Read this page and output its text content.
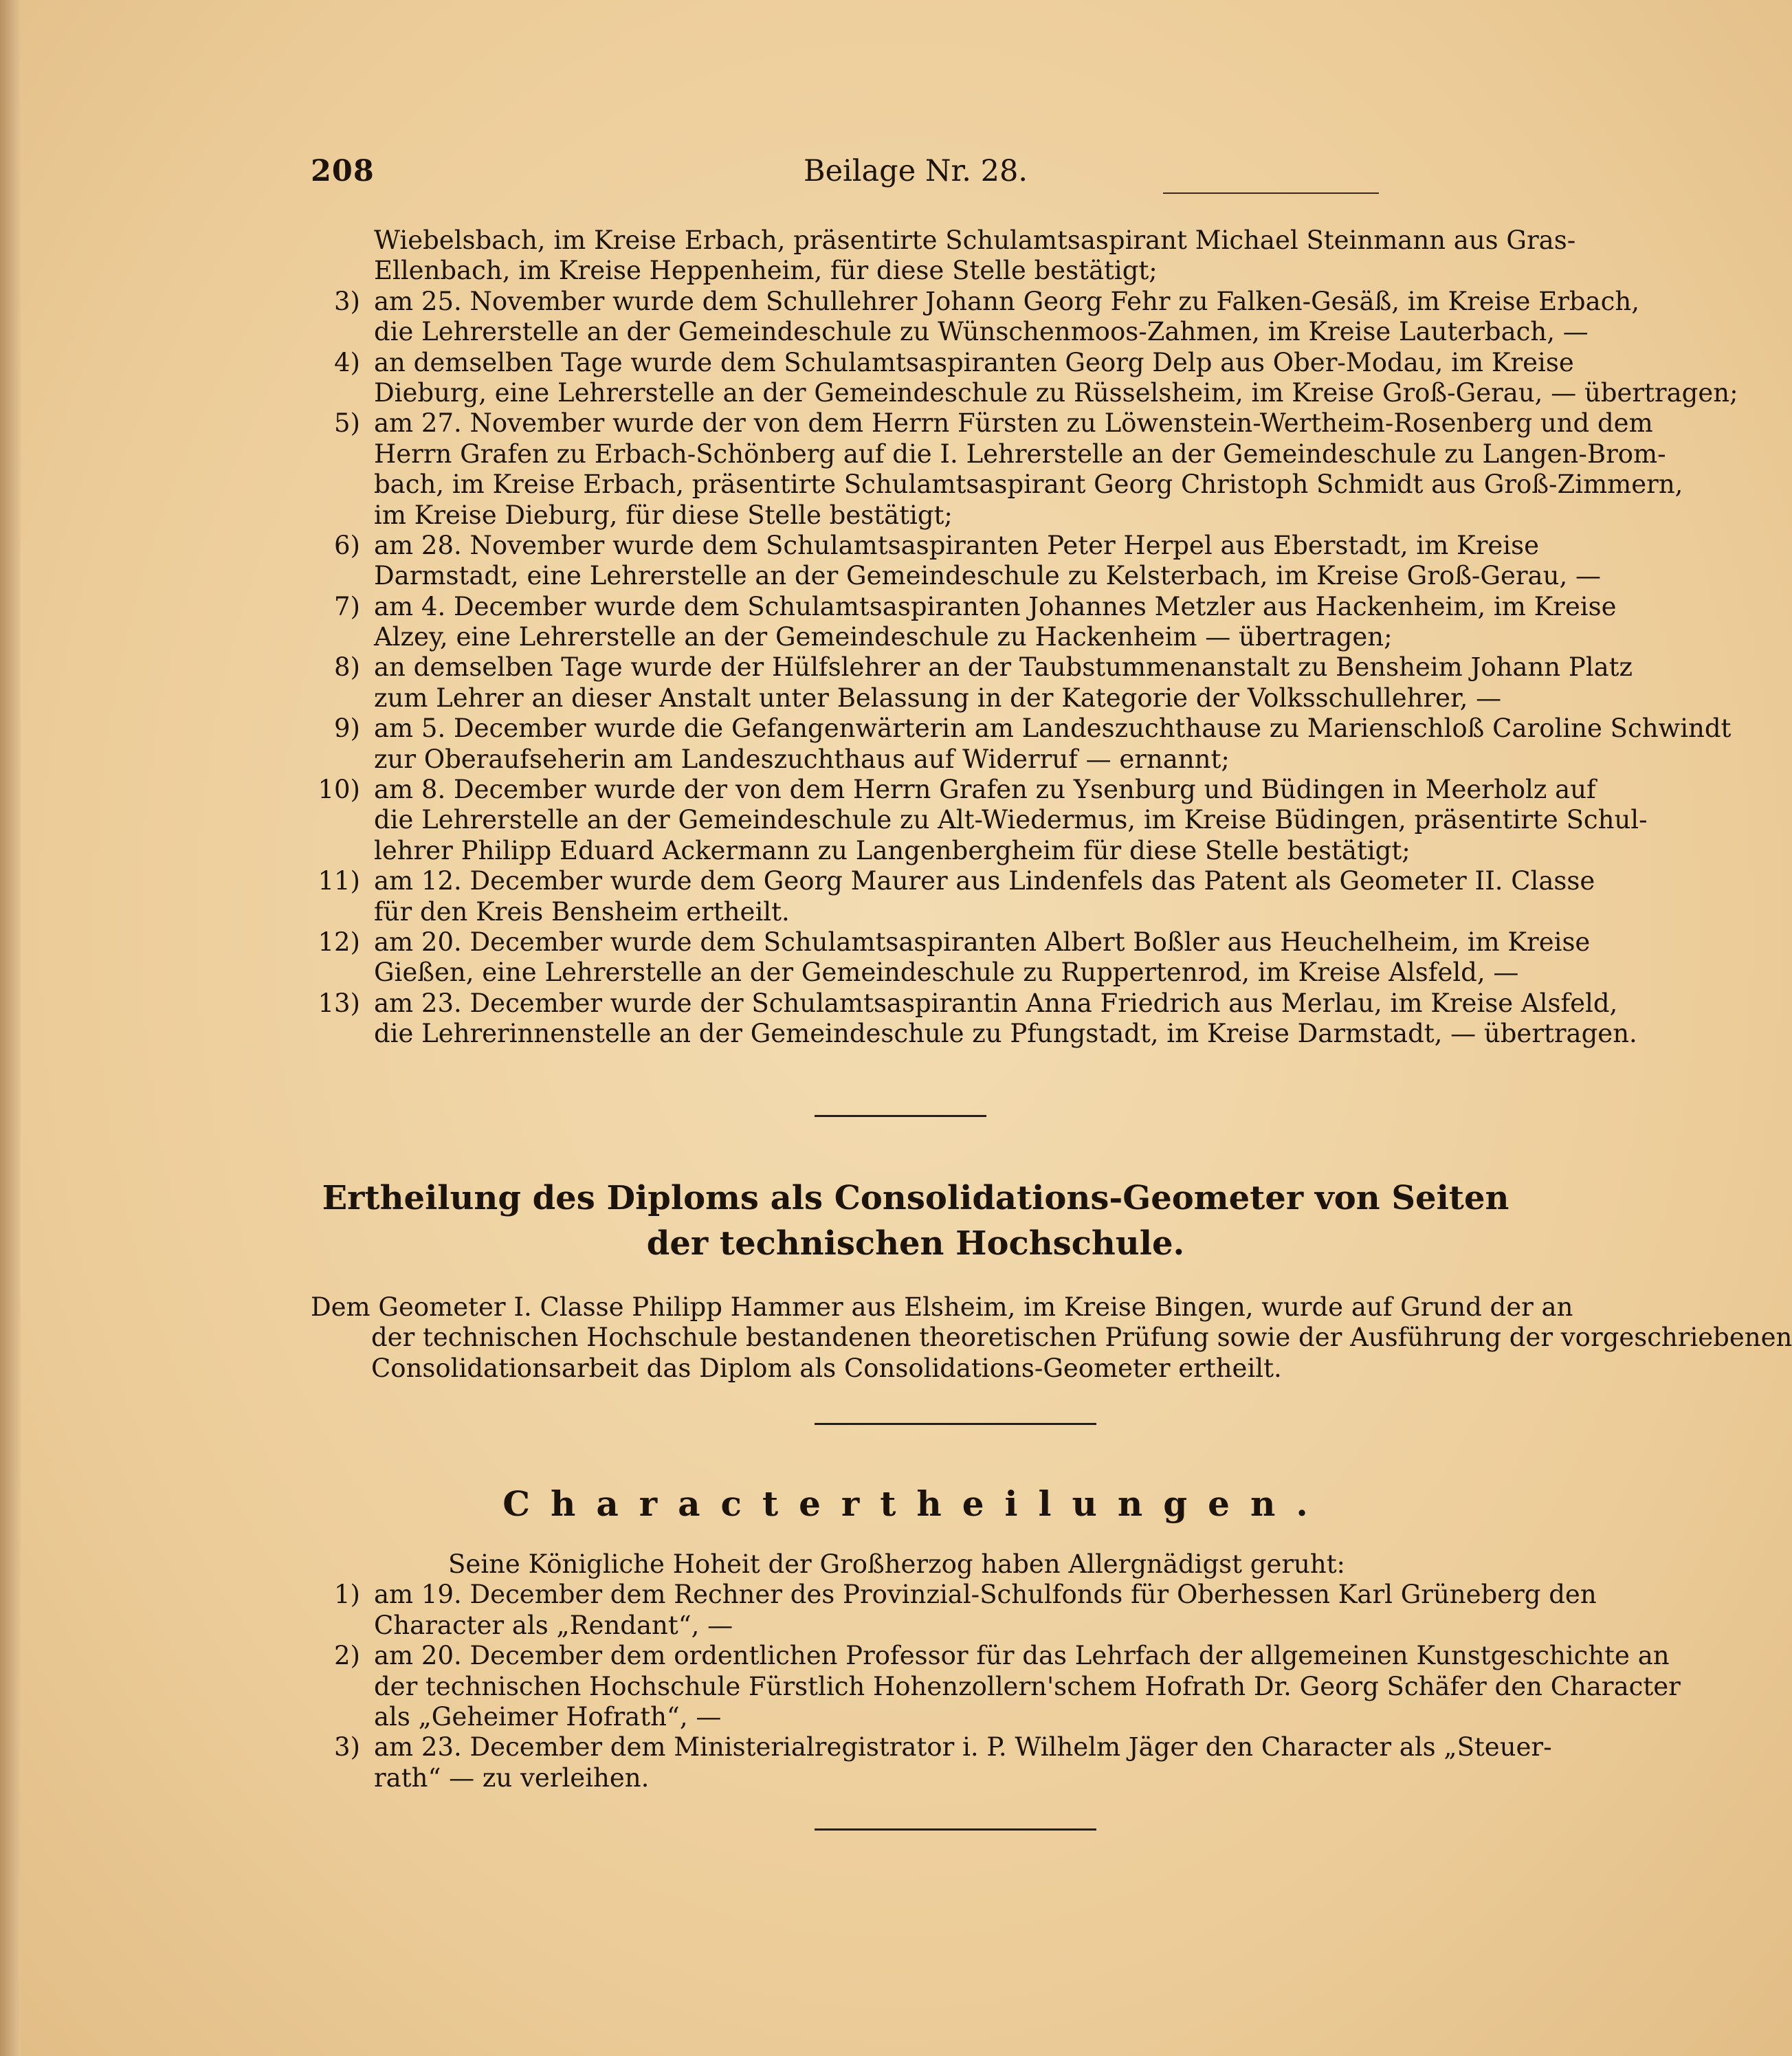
208	Beilage Nr. 28.
Wiebelsbach, im Kreise Erbach, präsentirte Schulamtsaspirant Michael Steinmann aus Gras-
Ellenbach, im Kreise Heppenheim, für diese Stelle bestätigt;
3) am 25. November wurde dem Schullehrer Johann Georg Fehr zu Falken-Gesäß, im Kreise Erbach,
die Lehrerstelle an der Gemeindeschule zu Wünschenmoos-Zahmen, im Kreise Lauterbach, —
4) an demselben Tage wurde dem Schulamtsaspiranten Georg Delp aus Ober-Modau, im Kreise
Dieburg, eine Lehrerstelle an der Gemeindeschule zu Rüsselsheim, im Kreise Groß-Gerau, — übertragen;
5) am 27. November wurde der von dem Herrn Fürsten zu Löwenstein-Wertheim-Rosenberg und dem
Herrn Grafen zu Erbach-Schönberg auf die I. Lehrerstelle an der Gemeindeschule zu Langen-Brom-
bach, im Kreise Erbach, präsentirte Schulamtsaspirant Georg Christoph Schmidt aus Groß-Zimmern,
im Kreise Dieburg, für diese Stelle bestätigt;
6) am 28. November wurde dem Schulamtsaspiranten Peter Herpel aus Eberstadt, im Kreise
Darmstadt, eine Lehrerstelle an der Gemeindeschule zu Kelsterbach, im Kreise Groß-Gerau, —
7) am 4. December wurde dem Schulamtsaspiranten Johannes Metzler aus Hackenheim, im Kreise
Alzey, eine Lehrerstelle an der Gemeindeschule zu Hackenheim — übertragen;
8) an demselben Tage wurde der Hülfslehrer an der Taubstummenanstalt zu Bensheim Johann Platz
zum Lehrer an dieser Anstalt unter Belassung in der Kategorie der Volksschullehrer, —
9) am 5. December wurde die Gefangenwärterin am Landeszuchthause zu Marienschloß Caroline Schwindt
zur Oberaufseherin am Landeszuchthaus auf Widerruf — ernannt;
10) am 8. December wurde der von dem Herrn Grafen zu Ysenburg und Büdingen in Meerholz auf
die Lehrerstelle an der Gemeindeschule zu Alt-Wiedermus, im Kreise Büdingen, präsentirte Schul-
lehrer Philipp Eduard Ackermann zu Langenbergheim für diese Stelle bestätigt;
11) am 12. December wurde dem Georg Maurer aus Lindenfels das Patent als Geometer II. Classe
für den Kreis Bensheim ertheilt.
12) am 20. December wurde dem Schulamtsaspiranten Albert Boßler aus Heuchelheim, im Kreise
Gießen, eine Lehrerstelle an der Gemeindeschule zu Ruppertenrod, im Kreise Alsfeld, —
13) am 23. December wurde der Schulamtsaspirantin Anna Friedrich aus Merlau, im Kreise Alsfeld,
die Lehrerinnenstelle an der Gemeindeschule zu Pfungstadt, im Kreise Darmstadt, — übertragen.
Ertheilung des Diploms als Consolidations-Geometer von Seiten
der technischen Hochschule.
Dem Geometer I. Classe Philipp Hammer aus Elsheim, im Kreise Bingen, wurde auf Grund der an
der technischen Hochschule bestandenen theoretischen Prüfung sowie der Ausführung der vorgeschriebenen
Consolidationsarbeit das Diplom als Consolidations-Geometer ertheilt.
Charactertheilungen.
Seine Königliche Hoheit der Großherzog haben Allergnädigst geruht:
1) am 19. December dem Rechner des Provinzial-Schulfonds für Oberhessen Karl Grüneberg den
Character als „Rendant“, —
2) am 20. December dem ordentlichen Professor für das Lehrfach der allgemeinen Kunstgeschichte an
der technischen Hochschule Fürstlich Hohenzollern'schem Hofrath Dr. Georg Schäfer den Character
als „Geheimer Hofrath“, —
3) am 23. December dem Ministerialregistrator i. P. Wilhelm Jäger den Character als „Steuer-
rath“ — zu verleihen.
